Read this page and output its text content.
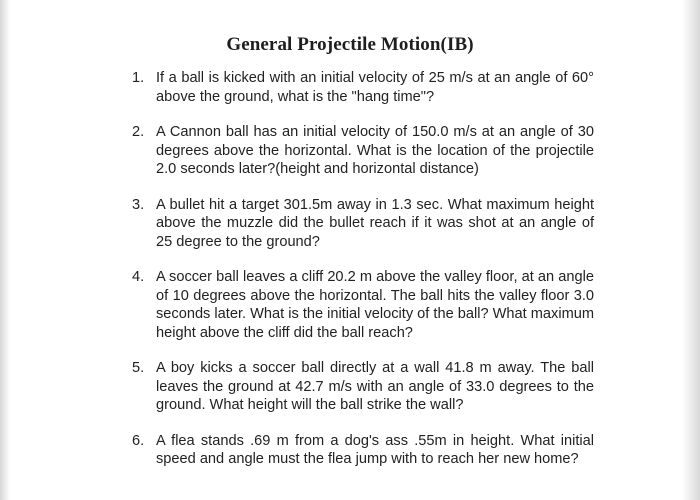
General Projectile Motion(IB)
1. If a ball is kicked with an initial velocity of 25 m/s at an angle of 60° above the ground, what is the "hang time"?
2. A Cannon ball has an initial velocity of 150.0 m/s at an angle of 30 degrees above the horizontal. What is the location of the projectile 2.0 seconds later?(height and horizontal distance)
3. A bullet hit a target 301.5m away in 1.3 sec. What maximum height above the muzzle did the bullet reach if it was shot at an angle of 25 degree to the ground?
4. A soccer ball leaves a cliff 20.2 m above the valley floor, at an angle of 10 degrees above the horizontal. The ball hits the valley floor 3.0 seconds later. What is the initial velocity of the ball? What maximum height above the cliff did the ball reach?
5. A boy kicks a soccer ball directly at a wall 41.8 m away. The ball leaves the ground at 42.7 m/s with an angle of 33.0 degrees to the ground. What height will the ball strike the wall?
6. A flea stands .69 m from a dog's ass .55m in height. What initial speed and angle must the flea jump with to reach her new home?
